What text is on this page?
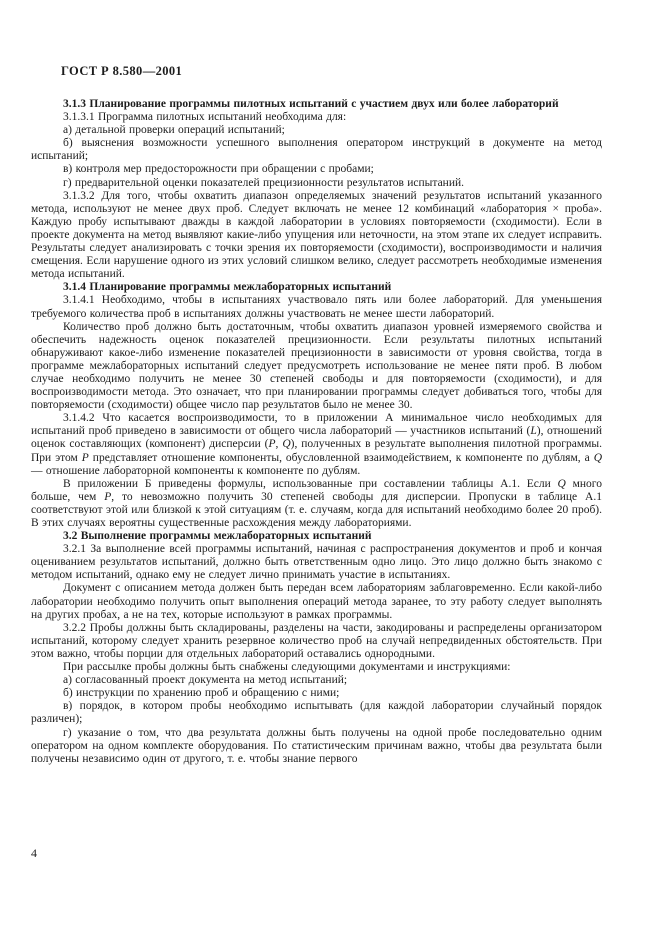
ГОСТ Р 8.580—2001

3.1.3 Планирование программы пилотных испытаний с участием двух или более лабораторий

3.1.3.1 Программа пилотных испытаний необходима для:

а) детальной проверки операций испытаний;

б) выяснения возможности успешного выполнения оператором инструкций в документе на метод испытаний;

в) контроля мер предосторожности при обращении с пробами;

г) предварительной оценки показателей прецизионности результатов испытаний.

3.1.3.2 Для того, чтобы охватить диапазон определяемых значений результатов испытаний указанного метода, используют не менее двух проб. Следует включать не менее 12 комбинаций «лаборатория × проба». Каждую пробу испытывают дважды в каждой лаборатории в условиях повторяемости (сходимости). Если в проекте документа на метод выявляют какие-либо упущения или неточности, на этом этапе их следует исправить. Результаты следует анализировать с точки зрения их повторяемости (сходимости), воспроизводимости и наличия смещения. Если нарушение одного из этих условий слишком велико, следует рассмотреть необходимые изменения метода испытаний.

3.1.4 Планирование программы межлабораторных испытаний

3.1.4.1 Необходимо, чтобы в испытаниях участвовало пять или более лабораторий. Для уменьшения требуемого количества проб в испытаниях должны участвовать не менее шести лабораторий.

Количество проб должно быть достаточным, чтобы охватить диапазон уровней измеряемого свойства и обеспечить надежность оценок показателей прецизионности. Если результаты пилотных испытаний обнаруживают какое-либо изменение показателей прецизионности в зависимости от уровня свойства, тогда в программе межлабораторных испытаний следует предусмотреть использование не менее пяти проб. В любом случае необходимо получить не менее 30 степеней свободы и для повторяемости (сходимости), и для воспроизводимости метода. Это означает, что при планировании программы следует добиваться того, чтобы для повторяемости (сходимости) общее число пар результатов было не менее 30.

3.1.4.2 Что касается воспроизводимости, то в приложении А минимальное число необходимых для испытаний проб приведено в зависимости от общего числа лабораторий — участников испытаний (L), отношений оценок составляющих (компонент) дисперсии (P, Q), полученных в результате выполнения пилотной программы. При этом P представляет отношение компоненты, обусловленной взаимодействием, к компоненте по дублям, а Q — отношение лабораторной компоненты к компоненте по дублям.

В приложении Б приведены формулы, использованные при составлении таблицы А.1. Если Q много больше, чем P, то невозможно получить 30 степеней свободы для дисперсии. Пропуски в таблице А.1 соответствуют этой или близкой к этой ситуациям (т. е. случаям, когда для испытаний необходимо более 20 проб). В этих случаях вероятны существенные расхождения между лабораториями.

3.2 Выполнение программы межлабораторных испытаний

3.2.1 За выполнение всей программы испытаний, начиная с распространения документов и проб и кончая оцениванием результатов испытаний, должно быть ответственным одно лицо. Это лицо должно быть знакомо с методом испытаний, однако ему не следует лично принимать участие в испытаниях.

Документ с описанием метода должен быть передан всем лабораториям заблаговременно. Если какой-либо лаборатории необходимо получить опыт выполнения операций метода заранее, то эту работу следует выполнять на других пробах, а не на тех, которые используют в рамках программы.

3.2.2 Пробы должны быть складированы, разделены на части, закодированы и распределены организатором испытаний, которому следует хранить резервное количество проб на случай непредвиденных обстоятельств. При этом важно, чтобы порции для отдельных лабораторий оставались однородными.

При рассылке пробы должны быть снабжены следующими документами и инструкциями:

а) согласованный проект документа на метод испытаний;

б) инструкции по хранению проб и обращению с ними;

в) порядок, в котором пробы необходимо испытывать (для каждой лаборатории случайный порядок различен);

г) указание о том, что два результата должны быть получены на одной пробе последовательно одним оператором на одном комплекте оборудования. По статистическим причинам важно, чтобы два результата были получены независимо один от другого, т. е. чтобы знание первого

4
